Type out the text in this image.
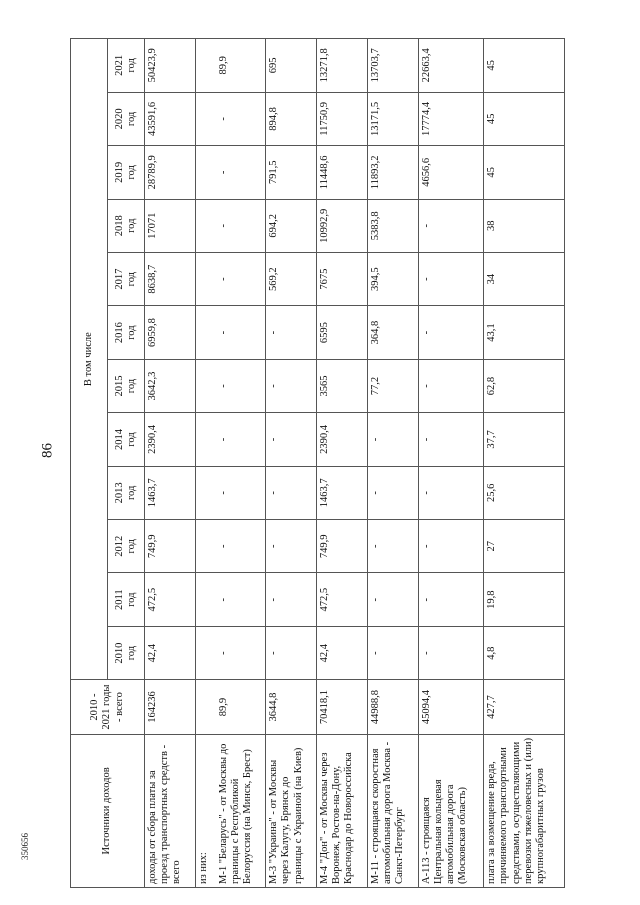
86
350656	Источники доходов	2010 - 2021 годы - всего	В том числе											

		2010 год	2011 год	2012 год	2013 год	2014 год	2015 год	2016 год	2017 год	2018 год	2019 год	2020 год	2021 год

доходы от сбора платы за проезд транспортных средств - всего	164236	42,4	472,5	749,9	1463,7	2390,4	3642,3	6959,8	8638,7	17071	28789,9	43591,6	50423,9
из них:													
М-1 "Беларусь" - от Москвы до границы с Республикой Белоруссия (на Минск, Брест)	89,9	-	-	-	-	-	-	-	-	-	-	-	89,9
М-3 "Украина" - от Москвы через Калугу, Брянск до границы с Украиной (на Киев)	3644,8	-	-	-	-	-	-	-	569,2	694,2	791,5	894,8	695
М-4 "Дон" - от Москвы через Воронеж, Ростов-на-Дону, Краснодар до Новороссийска	70418,1	42,4	472,5	749,9	1463,7	2390,4	3565	6595	7675	10992,9	11448,6	11750,9	13271,8
М-11 - строящаяся скоростная автомобильная дорога Москва - Санкт-Петербург	44988,8	-	-	-	-	-	77,2	364,8	394,5	5383,8	11893,2	13171,5	13703,7
А-113 - строящаяся Центральная кольцевая автомобильная дорога (Московская область)	45094,4	-	-	-	-	-	-	-	-	-	4656,6	17774,4	22663,4
плата за возмещение вреда, причиняемого транспортными средствами, осуществляющими перевозки тяжеловесных и (или) крупногабаритных грузов	427,7	4,8	19,8	27	25,6	37,7	62,8	43,1	34	38	45	45	45
